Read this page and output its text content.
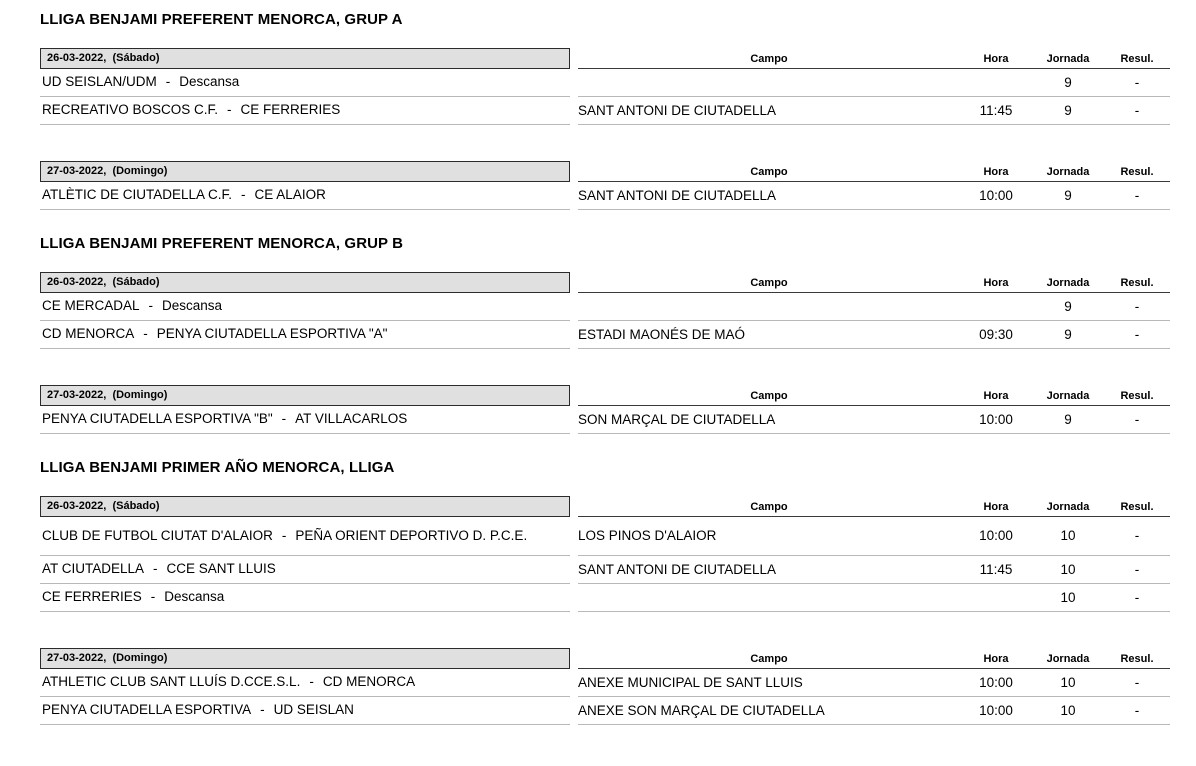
LLIGA BENJAMI PREFERENT MENORCA, GRUP A
26-03-2022, (Sábado)		Campo	Hora	Jornada	Resul.

UD SEISLAN/UDM - Descansa				9	-

RECREATIVO BOSCOS C.F. - CE FERRERIES		SANT ANTONI DE CIUTADELLA	11:45	9	-
27-03-2022, (Domingo)		Campo	Hora	Jornada	Resul.

ATLÈTIC DE CIUTADELLA C.F. - CE ALAIOR		SANT ANTONI DE CIUTADELLA	10:00	9	-
LLIGA BENJAMI PREFERENT MENORCA, GRUP B
26-03-2022, (Sábado)		Campo	Hora	Jornada	Resul.

CE MERCADAL - Descansa				9	-

CD MENORCA - PENYA CIUTADELLA ESPORTIVA "A"		ESTADI MAONÉS DE MAÓ	09:30	9	-
27-03-2022, (Domingo)		Campo	Hora	Jornada	Resul.

PENYA CIUTADELLA ESPORTIVA "B" - AT VILLACARLOS		SON MARÇAL DE CIUTADELLA	10:00	9	-
LLIGA BENJAMI PRIMER AÑO MENORCA, LLIGA
26-03-2022, (Sábado)		Campo	Hora	Jornada	Resul.

CLUB DE FUTBOL CIUTAT D'ALAIOR - PEÑA ORIENT DEPORTIVO D. P.C.E.		LOS PINOS D'ALAIOR	10:00	10	-

AT CIUTADELLA - CCE SANT LLUIS		SANT ANTONI DE CIUTADELLA	11:45	10	-

CE FERRERIES - Descansa				10	-
27-03-2022, (Domingo)		Campo	Hora	Jornada	Resul.

ATHLETIC CLUB SANT LLUÍS D.CCE.S.L. - CD MENORCA		ANEXE MUNICIPAL DE SANT LLUIS	10:00	10	-

PENYA CIUTADELLA ESPORTIVA - UD SEISLAN		ANEXE SON MARÇAL DE CIUTADELLA	10:00	10	-
